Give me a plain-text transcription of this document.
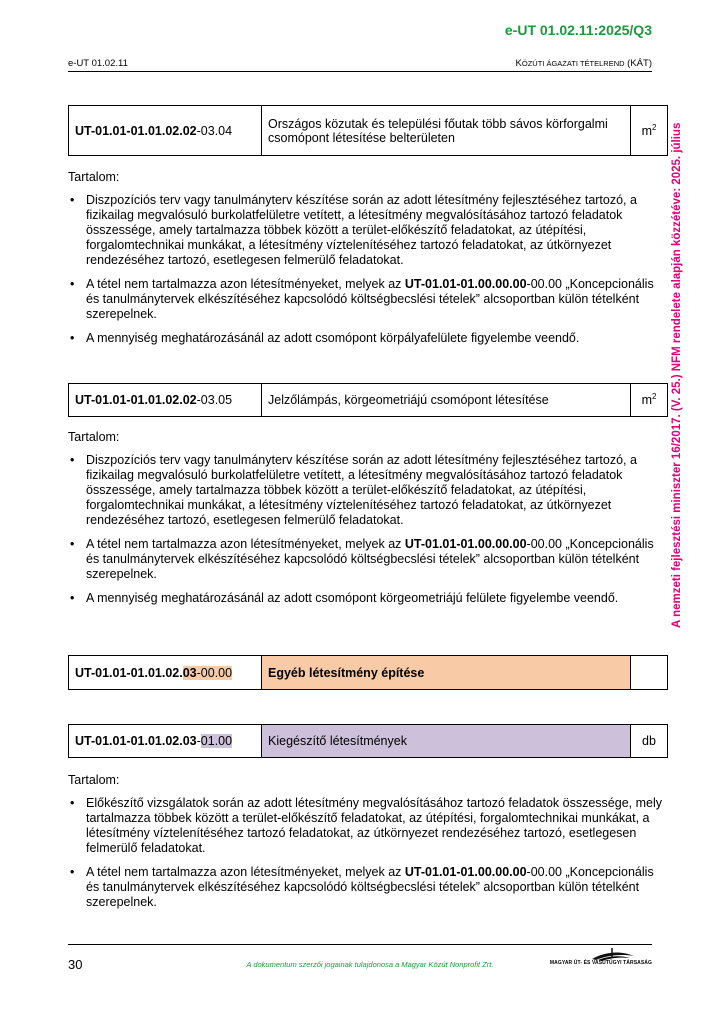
e-UT 01.02.11:2025/Q3
e-UT 01.02.11	KÖZÚTI ÁGAZATI TÉTELREND (KÁT)
A nemzeti fejlesztési miniszter 16/2017. (V. 25.) NFM rendelete alapján közzétéve: 2025. július
UT-01.01-01.01.02.02-03.04	Országos közutak és települési főutak több sávos körforgalmi csomópont létesítése belterületen	$m^2$
Tartalom:
• Diszpozíciós terv vagy tanulmányterv készítése során az adott létesítmény fejlesztéséhez tartozó, a fizikailag megvalósuló burkolatfelületre vetített, a létesítmény megvalósításához tartozó feladatok összessége, amely tartalmazza többek között a terület-előkészítő feladatokat, az útépítési, forgalomtechnikai munkákat, a létesítmény víztelenítéséhez tartozó feladatokat, az útkörnyezet rendezéséhez tartozó, esetlegesen felmerülő feladatokat.
• A tétel nem tartalmazza azon létesítményeket, melyek az UT-01.01-01.00.00.00-00.00 „Koncepcionális és tanulmánytervek elkészítéséhez kapcsolódó költségbecslési tételek” alcsoportban külön tételként szerepelnek.
• A mennyiség meghatározásánál az adott csomópont körpályafelülete figyelembe veendő.
UT-01.01-01.01.02.02-03.05	Jelzőlámpás, körgeometriájú csomópont létesítése	$m^2$
Tartalom:
• Diszpozíciós terv vagy tanulmányterv készítése során az adott létesítmény fejlesztéséhez tartozó, a fizikailag megvalósuló burkolatfelületre vetített, a létesítmény megvalósításához tartozó feladatok összessége, amely tartalmazza többek között a terület-előkészítő feladatokat, az útépítési, forgalomtechnikai munkákat, a létesítmény víztelenítéséhez tartozó feladatokat, az útkörnyezet rendezéséhez tartozó, esetlegesen felmerülő feladatokat.
• A tétel nem tartalmazza azon létesítményeket, melyek az UT-01.01-01.00.00.00-00.00 „Koncepcionális és tanulmánytervek elkészítéséhez kapcsolódó költségbecslési tételek” alcsoportban külön tételként szerepelnek.
• A mennyiség meghatározásánál az adott csomópont körgeometriájú felülete figyelembe veendő.
UT-01.01-01.01.02.03-00.00	Egyéb létesítmény építése	
UT-01.01-01.01.02.03-01.00	Kiegészítő létesítmények	db
Tartalom:
• Előkészítő vizsgálatok során az adott létesítmény megvalósításához tartozó feladatok összessége, mely tartalmazza többek között a terület-előkészítő feladatokat, az útépítési, forgalomtechnikai munkákat, a létesítmény víztelenítéséhez tartozó feladatokat, az útkörnyezet rendezéséhez tartozó, esetlegesen felmerülő feladatokat.
• A tétel nem tartalmazza azon létesítményeket, melyek az UT-01.01-01.00.00.00-00.00 „Koncepcionális és tanulmánytervek elkészítéséhez kapcsolódó költségbecslési tételek” alcsoportban külön tételként szerepelnek.
30	A dokumentum szerzői jogainak tulajdonosa a Magyar Közút Nonprofit Zrt.	MAGYAR ÚT- ÉS VASÚTÜGYI TÁRSASÁG
